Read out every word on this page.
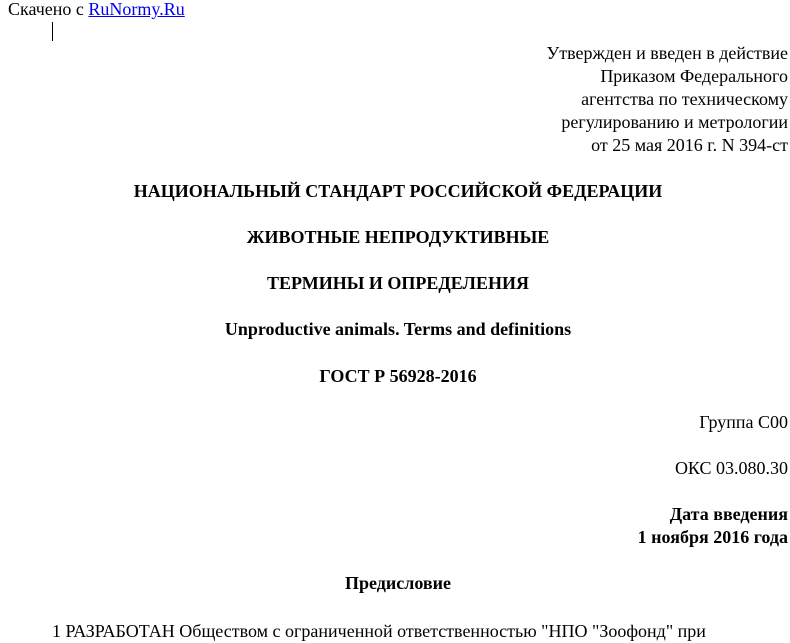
Скачено с RuNormy.Ru
Утвержден и введен в действие
Приказом Федерального
агентства по техническому
регулированию и метрологии
от 25 мая 2016 г. N 394-ст
НАЦИОНАЛЬНЫЙ СТАНДАРТ РОССИЙСКОЙ ФЕДЕРАЦИИ
ЖИВОТНЫЕ НЕПРОДУКТИВНЫЕ
ТЕРМИНЫ И ОПРЕДЕЛЕНИЯ
Unproductive animals. Terms and definitions
ГОСТ Р 56928-2016
Группа С00
ОКС 03.080.30
Дата введения
1 ноября 2016 года
Предисловие
1 РАЗРАБОТАН Обществом с ограниченной ответственностью "НПО "Зоофонд" при
